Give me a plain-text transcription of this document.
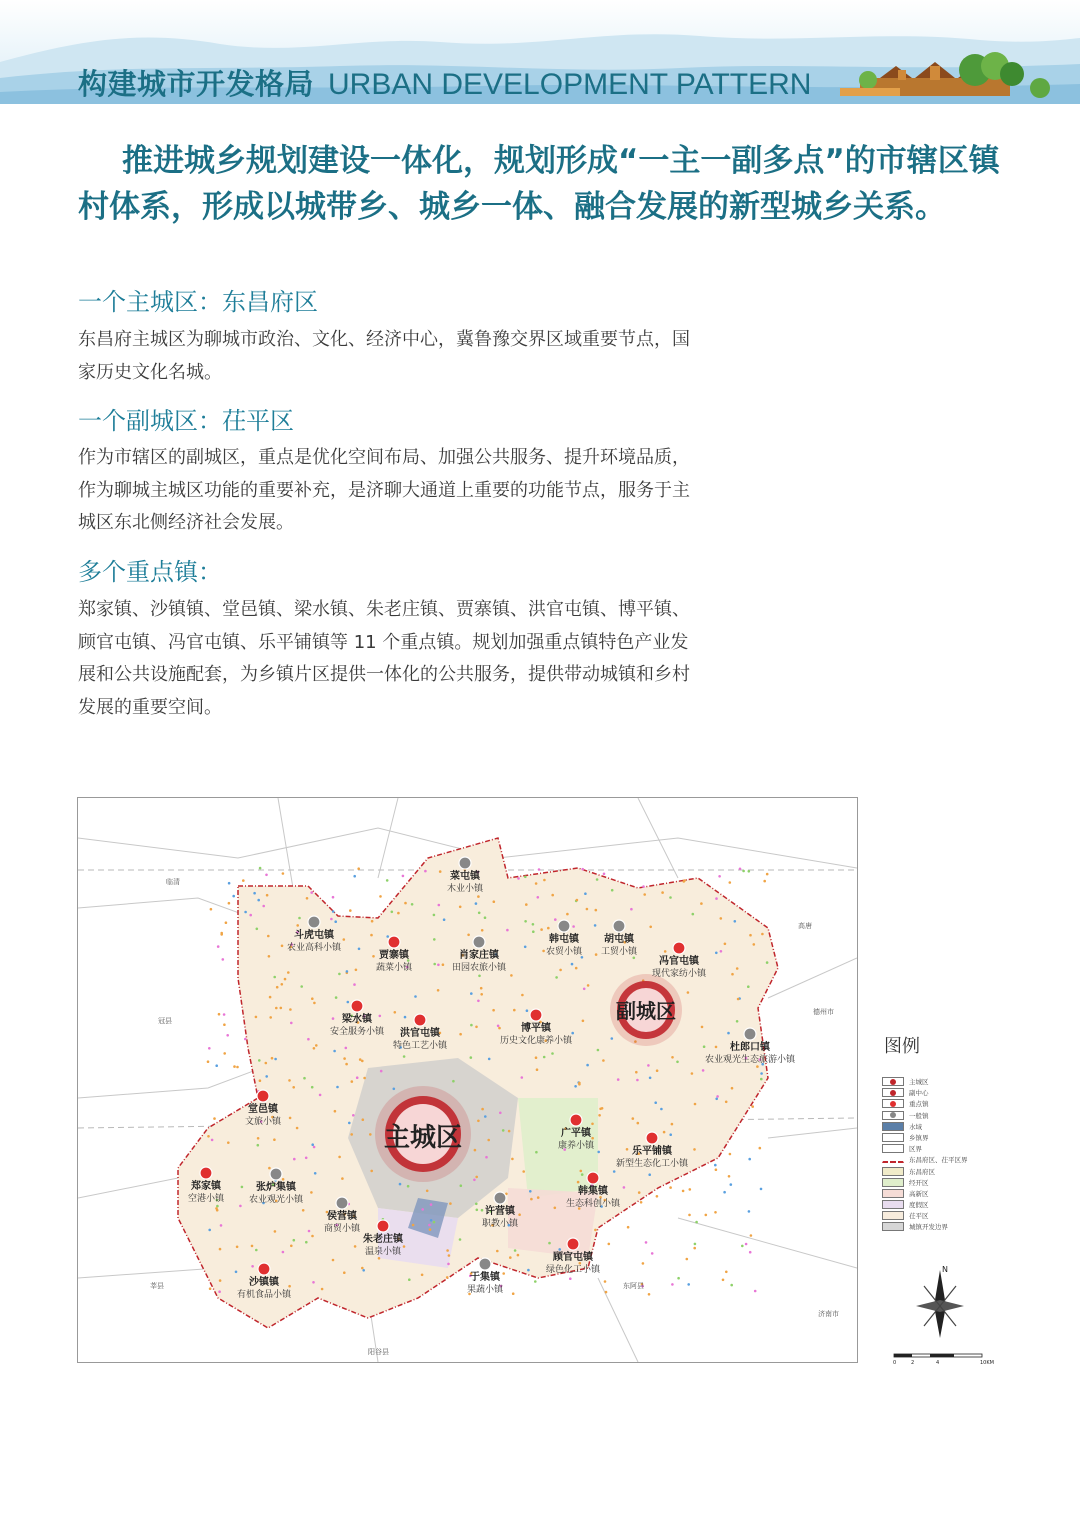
构建城市开发格局 URBAN DEVELOPMENT PATTERN

推进城乡规划建设一体化，规划形成“一主一副多点”的市辖区镇村体系，形成以城带乡、城乡一体、融合发展的新型城乡关系。

一个主城区：东昌府区

东昌府主城区为聊城市政治、文化、经济中心，冀鲁豫交界区域重要节点，国家历史文化名城。

一个副城区：茌平区

作为市辖区的副城区，重点是优化空间布局、加强公共服务、提升环境品质，作为聊城主城区功能的重要补充，是济聊大通道上重要的功能节点，服务于主城区东北侧经济社会发展。

多个重点镇：

郑家镇、沙镇镇、堂邑镇、梁水镇、朱老庄镇、贾寨镇、洪官屯镇、博平镇、顾官屯镇、冯官屯镇、乐平铺镇等 11 个重点镇。规划加强重点镇特色产业发展和公共设施配套，为乡镇片区提供一体化的公共服务，提供带动城镇和乡村发展的重要空间。

主城区
副城区
菜屯镇
木业小镇
斗虎屯镇
农业高科小镇
贾寨镇
蔬菜小镇
肖家庄镇
田园农旅小镇
韩屯镇
农贸小镇
胡屯镇
工贸小镇
冯官屯镇
现代家纺小镇
梁水镇
安全服务小镇 洪官屯镇
特色工艺小镇
博平镇
历史文化康养小镇
杜郎口镇
农业观光生态旅游小镇
堂邑镇
文旅小镇
广平镇
康养小镇	乐平铺镇
新型生态化工小镇
郑家镇
空港小镇
张炉集镇
农业观光小镇
韩集镇
生态科创小镇
侯营镇
商贸小镇
许营镇
职教小镇
朱老庄镇
温泉小镇	顾官屯镇
绿色化工小镇
于集镇
果蔬小镇
沙镇镇
有机食品小镇
临清
冠县
德州市
济南市
阳谷县
东阿县
莘县
高唐
图例
主城区
副中心
重点镇
一般镇
水域
乡镇界
区界
东昌府区、茌平区界
东昌府区
经开区
高新区
度假区
茌平区
城镇开发边界
N
0	2	4	10KM
